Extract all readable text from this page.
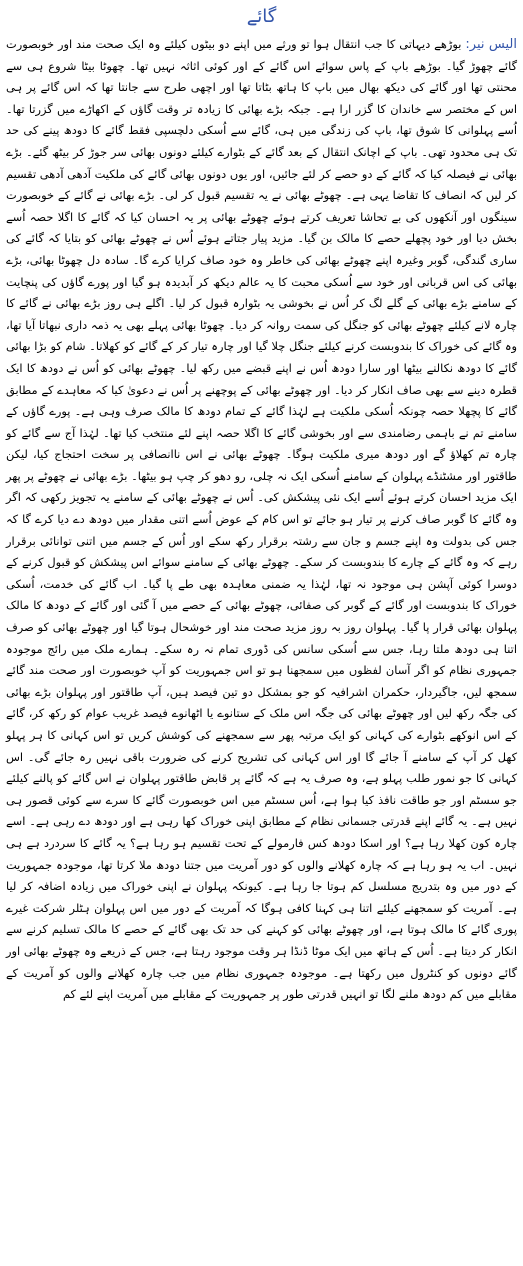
گائے
الیس نیر:بوڑھے دیہاتی کا جب انتقال ہوا تو ورثے میں اپنے دو بیٹوں کیلئے وہ ایک صحت مند اور خوبصورت گائے چھوڑ گیا۔ بوڑھے باپ کے پاس سوائے اس گائے کے اور کوئی اثاثہ نہیں تھا۔ چھوٹا بیٹا شروع ہی سے محنتی تھا اور گائے کی دیکھ بھال میں باپ کا ہاتھ بٹاتا تھا اور اچھی طرح سے جانتا تھا کہ اس گائے پر ہی اس کے مختصر سے خاندان کا گزر ارا ہے۔ جبکہ بڑے بھائی کا زیادہ تر وقت گاؤں کے اکھاڑے میں گزرتا تھا۔ اُسے پہلوانی کا شوق تھا، باپ کی زندگی میں ہی، گائے سے اُسکی دلچسپی فقط گائے کا دودھ پینے کی حد تک ہی محدود تھی۔ باپ کے اچانک انتقال کے بعد گائے کے بٹوارے کیلئے دونوں بھائی سر جوڑ کر بیٹھ گئے۔ بڑے بھائی نے فیصلہ کیا کہ گائے کے دو حصے کر لئے جائیں، اور یوں دونوں بھائی گائے کی ملکیت آدھی آدھی تقسیم کر لیں کہ انصاف کا تقاضا یہی ہے۔ چھوٹے بھائی نے یہ تقسیم قبول کر لی۔ بڑے بھائی نے گائے کے خوبصورت سینگوں اور آنکھوں کی بے تحاشا تعریف کرتے ہوئے چھوٹے بھائی پر یہ احسان کیا کہ گائے کا اگلا حصہ اُسے بخش دیا اور خود پچھلے حصے کا مالک بن گیا۔ مزید پیار جتاتے ہوئے اُس نے چھوٹے بھائی کو بتایا کہ گائے کی ساری گندگی، گوبر وغیرہ اپنے چھوٹے بھائی کی خاطر وہ خود صاف کرایا کرے گا۔ سادہ دل چھوٹا بھائی، بڑے بھائی کی اس قربانی اور خود سے اُسکی محبت کا یہ عالم دیکھ کر آبدیدہ ہو گیا اور پورے گاؤں کی پنچایت کے سامنے بڑے بھائی کے گلے لگ کر اُس نے بخوشی یہ بٹوارہ قبول کر لیا۔ اگلے ہی روز بڑے بھائی نے گائے کا چارہ لانے کیلئے چھوٹے بھائی کو جنگل کی سمت روانہ کر دیا۔ چھوٹا بھائی پہلے بھی یہ ذمہ داری نبھاتا آیا تھا، وہ گائے کی خوراک کا بندوبست کرنے کیلئے جنگل چلا گیا اور چارہ تیار کر کے گائے کو کھلاتا۔ شام کو بڑا بھائی گائے کا دودھ نکالنے بیٹھا اور سارا دودھ اُس نے اپنے قبضے میں رکھ لیا۔ چھوٹے بھائی کو اُس نے دودھ کا ایک قطرہ دینے سے بھی صاف انکار کر دیا۔ اور چھوٹے بھائی کے پوچھنے پر اُس نے دعویٰ کیا کہ معاہدے کے مطابق گائے کا پچھلا حصہ چونکہ اُسکی ملکیت ہے لہٰذا گائے کے تمام دودھ کا مالک صرف وہی ہے۔ پورے گاؤں کے سامنے تم نے باہمی رضامندی سے اور بخوشی گائے کا اگلا حصہ اپنے لئے منتخب کیا تھا۔ لہٰذا آج سے گائے کو چارہ تم کھلاؤ گے اور دودھ میری ملکیت ہوگا۔ چھوٹے بھائی نے اس ناانصافی پر سخت احتجاج کیا، لیکن طاقتور اور مشٹنڈے پہلوان کے سامنے اُسکی ایک نہ چلی، رو دھو کر چپ ہو بیٹھا۔ بڑے بھائی نے چھوٹے پر پھر ایک مزید احسان کرتے ہوئے اُسے ایک نئی پیشکش کی۔ اُس نے چھوٹے بھائی کے سامنے یہ تجویز رکھی کہ اگر وہ گائے کا گوبر صاف کرنے پر تیار ہو جائے تو اس کام کے عوض اُسے اتنی مقدار میں دودھ دے دیا کرے گا کہ جس کی بدولت وہ اپنے جسم و جان سے رشتہ برقرار رکھ سکے اور اُس کے جسم میں اتنی توانائی برقرار رہے کہ وہ گائے کے چارے کا بندوبست کر سکے۔ چھوٹے بھائی کے سامنے سوائے اس پیشکش کو قبول کرنے کے دوسرا کوئی آپشن ہی موجود نہ تھا، لہٰذا یہ ضمنی معاہدہ بھی طے پا گیا۔ اب گائے کی خدمت، اُسکی خوراک کا بندوبست اور گائے کے گوبر کی صفائی، چھوٹے بھائی کے حصے میں آ گئی اور گائے کے دودھ کا مالک پہلوان بھائی قرار پا گیا۔ پہلوان روز بہ روز مزید صحت مند اور خوشحال ہوتا گیا اور چھوٹے بھائی کو صرف اتنا ہی دودھ ملتا رہا، جس سے اُسکی سانس کی ڈوری تمام نہ رہ سکے۔ ہمارے ملک میں رائج موجودہ جمہوری نظام کو اگر آسان لفظوں میں سمجھنا ہو تو اس جمہوریت کو آپ خوبصورت اور صحت مند گائے سمجھ لیں، جاگیردار، حکمران اشرافیہ کو جو بمشکل دو تین فیصد ہیں، آپ طاقتور اور پہلوان بڑے بھائی کی جگہ رکھ لیں اور چھوٹے بھائی کی جگہ اس ملک کے ستانوے یا اٹھانوے فیصد غریب عوام کو رکھ کر، گائے کے اس انوکھے بٹوارے کی کہانی کو ایک مرتبہ پھر سے سمجھنے کی کوشش کریں تو اس کہانی کا ہر پہلو کھل کر آپ کے سامنے آ جائے گا اور اس کہانی کی تشریح کرنے کی ضرورت باقی نہیں رہ جائے گی۔ اس کہانی کا جو نمور طلب پہلو ہے، وہ صرف یہ ہے کہ گائے پر قابض طاقتور پہلوان نے اس گائے کو پالنے کیلئے جو سسٹم اور جو طاقت نافذ کیا ہوا ہے، اُس سسٹم میں اس خوبصورت گائے کا سرے سے کوئی قصور ہی نہیں ہے۔ یہ گائے اپنے قدرتی جسمانی نظام کے مطابق اپنی خوراک کھا رہی ہے اور دودھ دے رہی ہے۔ اسے چارہ کون کھلا رہا ہے؟ اور اسکا دودھ کس فارمولے کے تحت تقسیم ہو رہا ہے؟ یہ گائے کا سردرد ہے ہی نہیں۔ اب یہ ہو رہا ہے کہ چارہ کھلانے والوں کو دور آمریت میں جتنا دودھ ملا کرتا تھا، موجودہ جمہوریت کے دور میں وہ بتدریج مسلسل کم ہوتا جا رہا ہے۔ کیونکہ پہلوان نے اپنی خوراک میں زیادہ اضافہ کر لیا ہے۔ آمریت کو سمجھنے کیلئے اتنا ہی کہنا کافی ہوگا کہ آمریت کے دور میں اس پہلوان ہٹلر شرکت غیرے پوری گائے کا مالک ہوتا ہے، اور چھوٹے بھائی کو کہنے کی حد تک بھی گائے کے حصے کا مالک تسلیم کرنے سے انکار کر دیتا ہے۔ اُس کے ہاتھ میں ایک موٹا ڈنڈا ہر وقت موجود رہتا ہے، جس کے ذریعے وہ چھوٹے بھائی اور گائے دونوں کو کنٹرول میں رکھتا ہے۔ موجودہ جمہوری نظام میں جب چارہ کھلانے والوں کو آمریت کے مقابلے میں کم دودھ ملنے لگا تو انہیں قدرتی طور پر جمہوریت کے مقابلے میں آمریت اپنے لئے کم
